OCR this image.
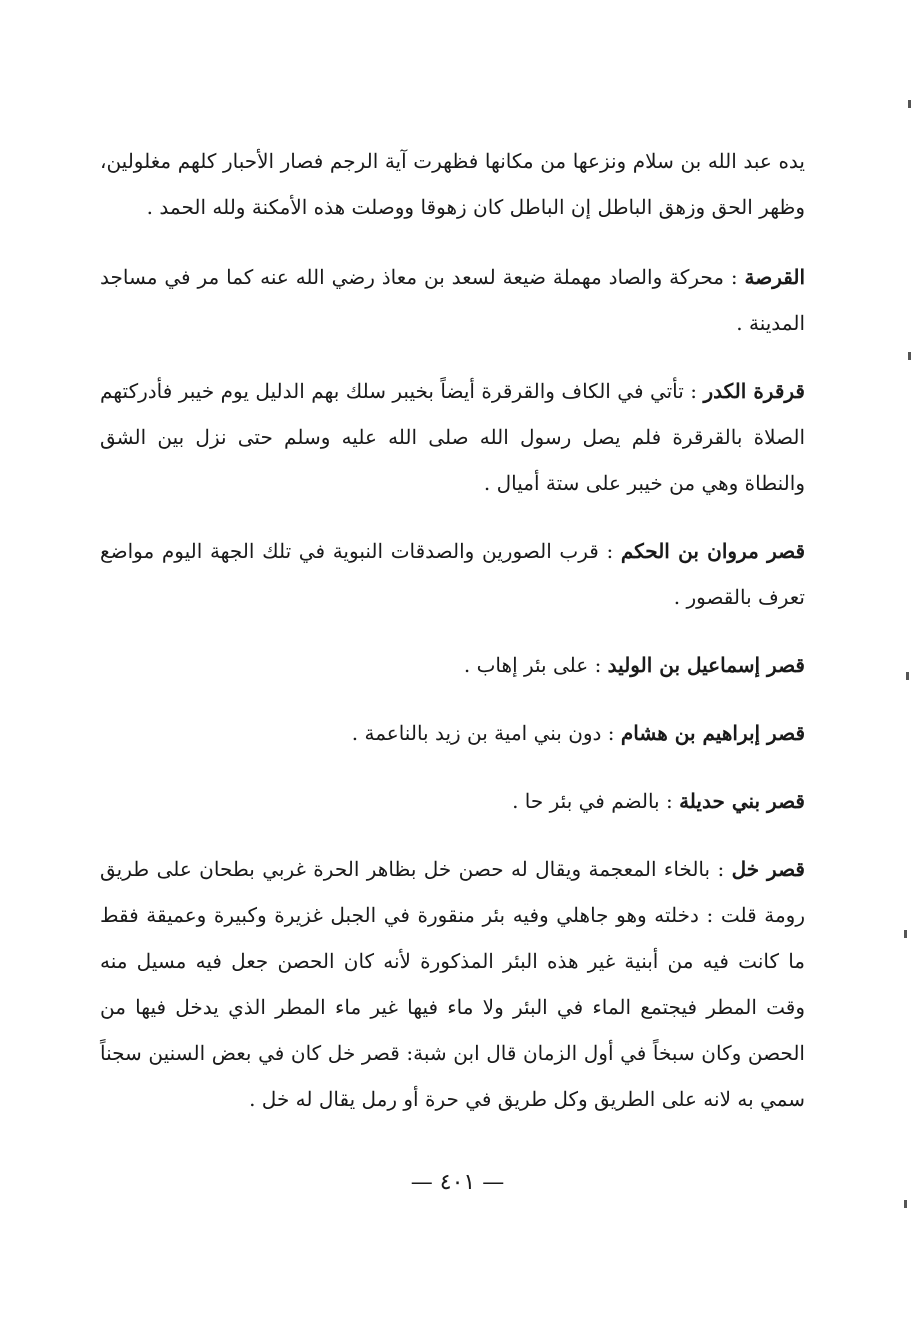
يده عبد الله بن سلام ونزعها من مكانها فظهرت آية الرجم فصار الأحبار كلهم مغلولين، وظهر الحق وزهق الباطل إن الباطل كان زهوقا ووصلت هذه الأمكنة ولله الحمد .

القرصة : محركة والصاد مهملة ضيعة لسعد بن معاذ رضي الله عنه كما مر في مساجد المدينة .

قرقرة الكدر : تأتي في الكاف والقرقرة أيضاً بخيبر سلك بهم الدليل يوم خيبر فأدركتهم الصلاة بالقرقرة فلم يصل رسول الله صلى الله عليه وسلم حتى نزل بين الشق والنطاة وهي من خيبر على ستة أميال .

قصر مروان بن الحكم : قرب الصورين والصدقات النبوية في تلك الجهة اليوم مواضع تعرف بالقصور .

قصر إسماعيل بن الوليد : على بئر إهاب .

قصر إبراهيم بن هشام : دون بني امية بن زيد بالناعمة .

قصر بني حديلة : بالضم في بئر حا .

قصر خل : بالخاء المعجمة ويقال له حصن خل بظاهر الحرة غربي بطحان على طريق رومة قلت : دخلته وهو جاهلي وفيه بئر منقورة في الجبل غزيرة وكبيرة وعميقة فقط ما كانت فيه من أبنية غير هذه البئر المذكورة لأنه كان الحصن جعل فيه مسيل منه وقت المطر فيجتمع الماء في البئر ولا ماء فيها غير ماء المطر الذي يدخل فيها من الحصن وكان سبخاً في أول الزمان قال ابن شبة: قصر خل كان في بعض السنين سجناً سمي به لانه على الطريق وكل طريق في حرة أو رمل يقال له خل .

— ٤٠١ —
